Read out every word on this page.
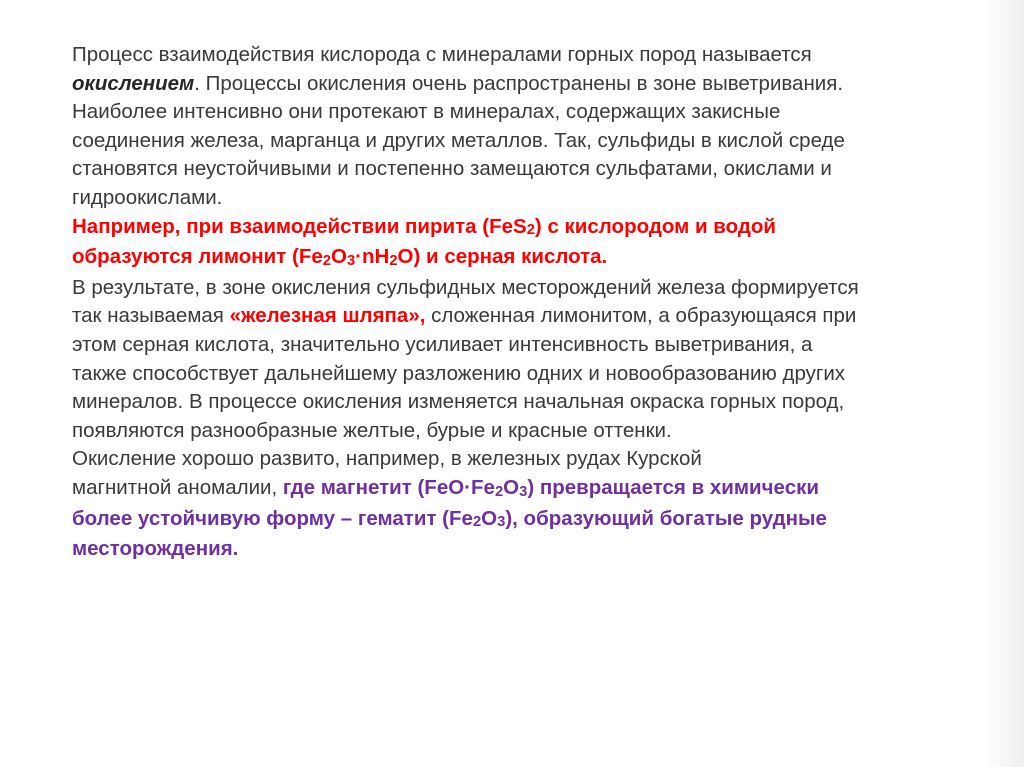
Процесс взаимодействия кислорода с минералами горных пород называется
окислением. Процессы окисления очень распространены в зоне выветривания.
Наиболее интенсивно они протекают в минералах, содержащих закисные
соединения железа, марганца и других металлов. Так, сульфиды в кислой среде
становятся неустойчивыми и постепенно замещаются сульфатами, окислами и
гидроокислами.

Например, при взаимодействии пирита (FeS$_2$) с кислородом и водой
образуются лимонит $(Fe_2O_3\cdot nH_2O)$ и серная кислота.

В результате, в зоне окисления сульфидных месторождений железа формируется
так называемая «железная шляпа», сложенная лимонитом, а образующаяся при
этом серная кислота, значительно усиливает интенсивность выветривания, а
также способствует дальнейшему разложению одних и новообразованию других
минералов. В процессе окисления изменяется начальная окраска горных пород,
появляются разнообразные желтые, бурые и красные оттенки.

Окисление хорошо развито, например, в железных рудах Курской
магнитной аномалии, где магнетит $(FeO\cdot Fe_2O_3)$ превращается в химически
более устойчивую форму – гематит $(Fe_2O_3)$, образующий богатые рудные
месторождения.
